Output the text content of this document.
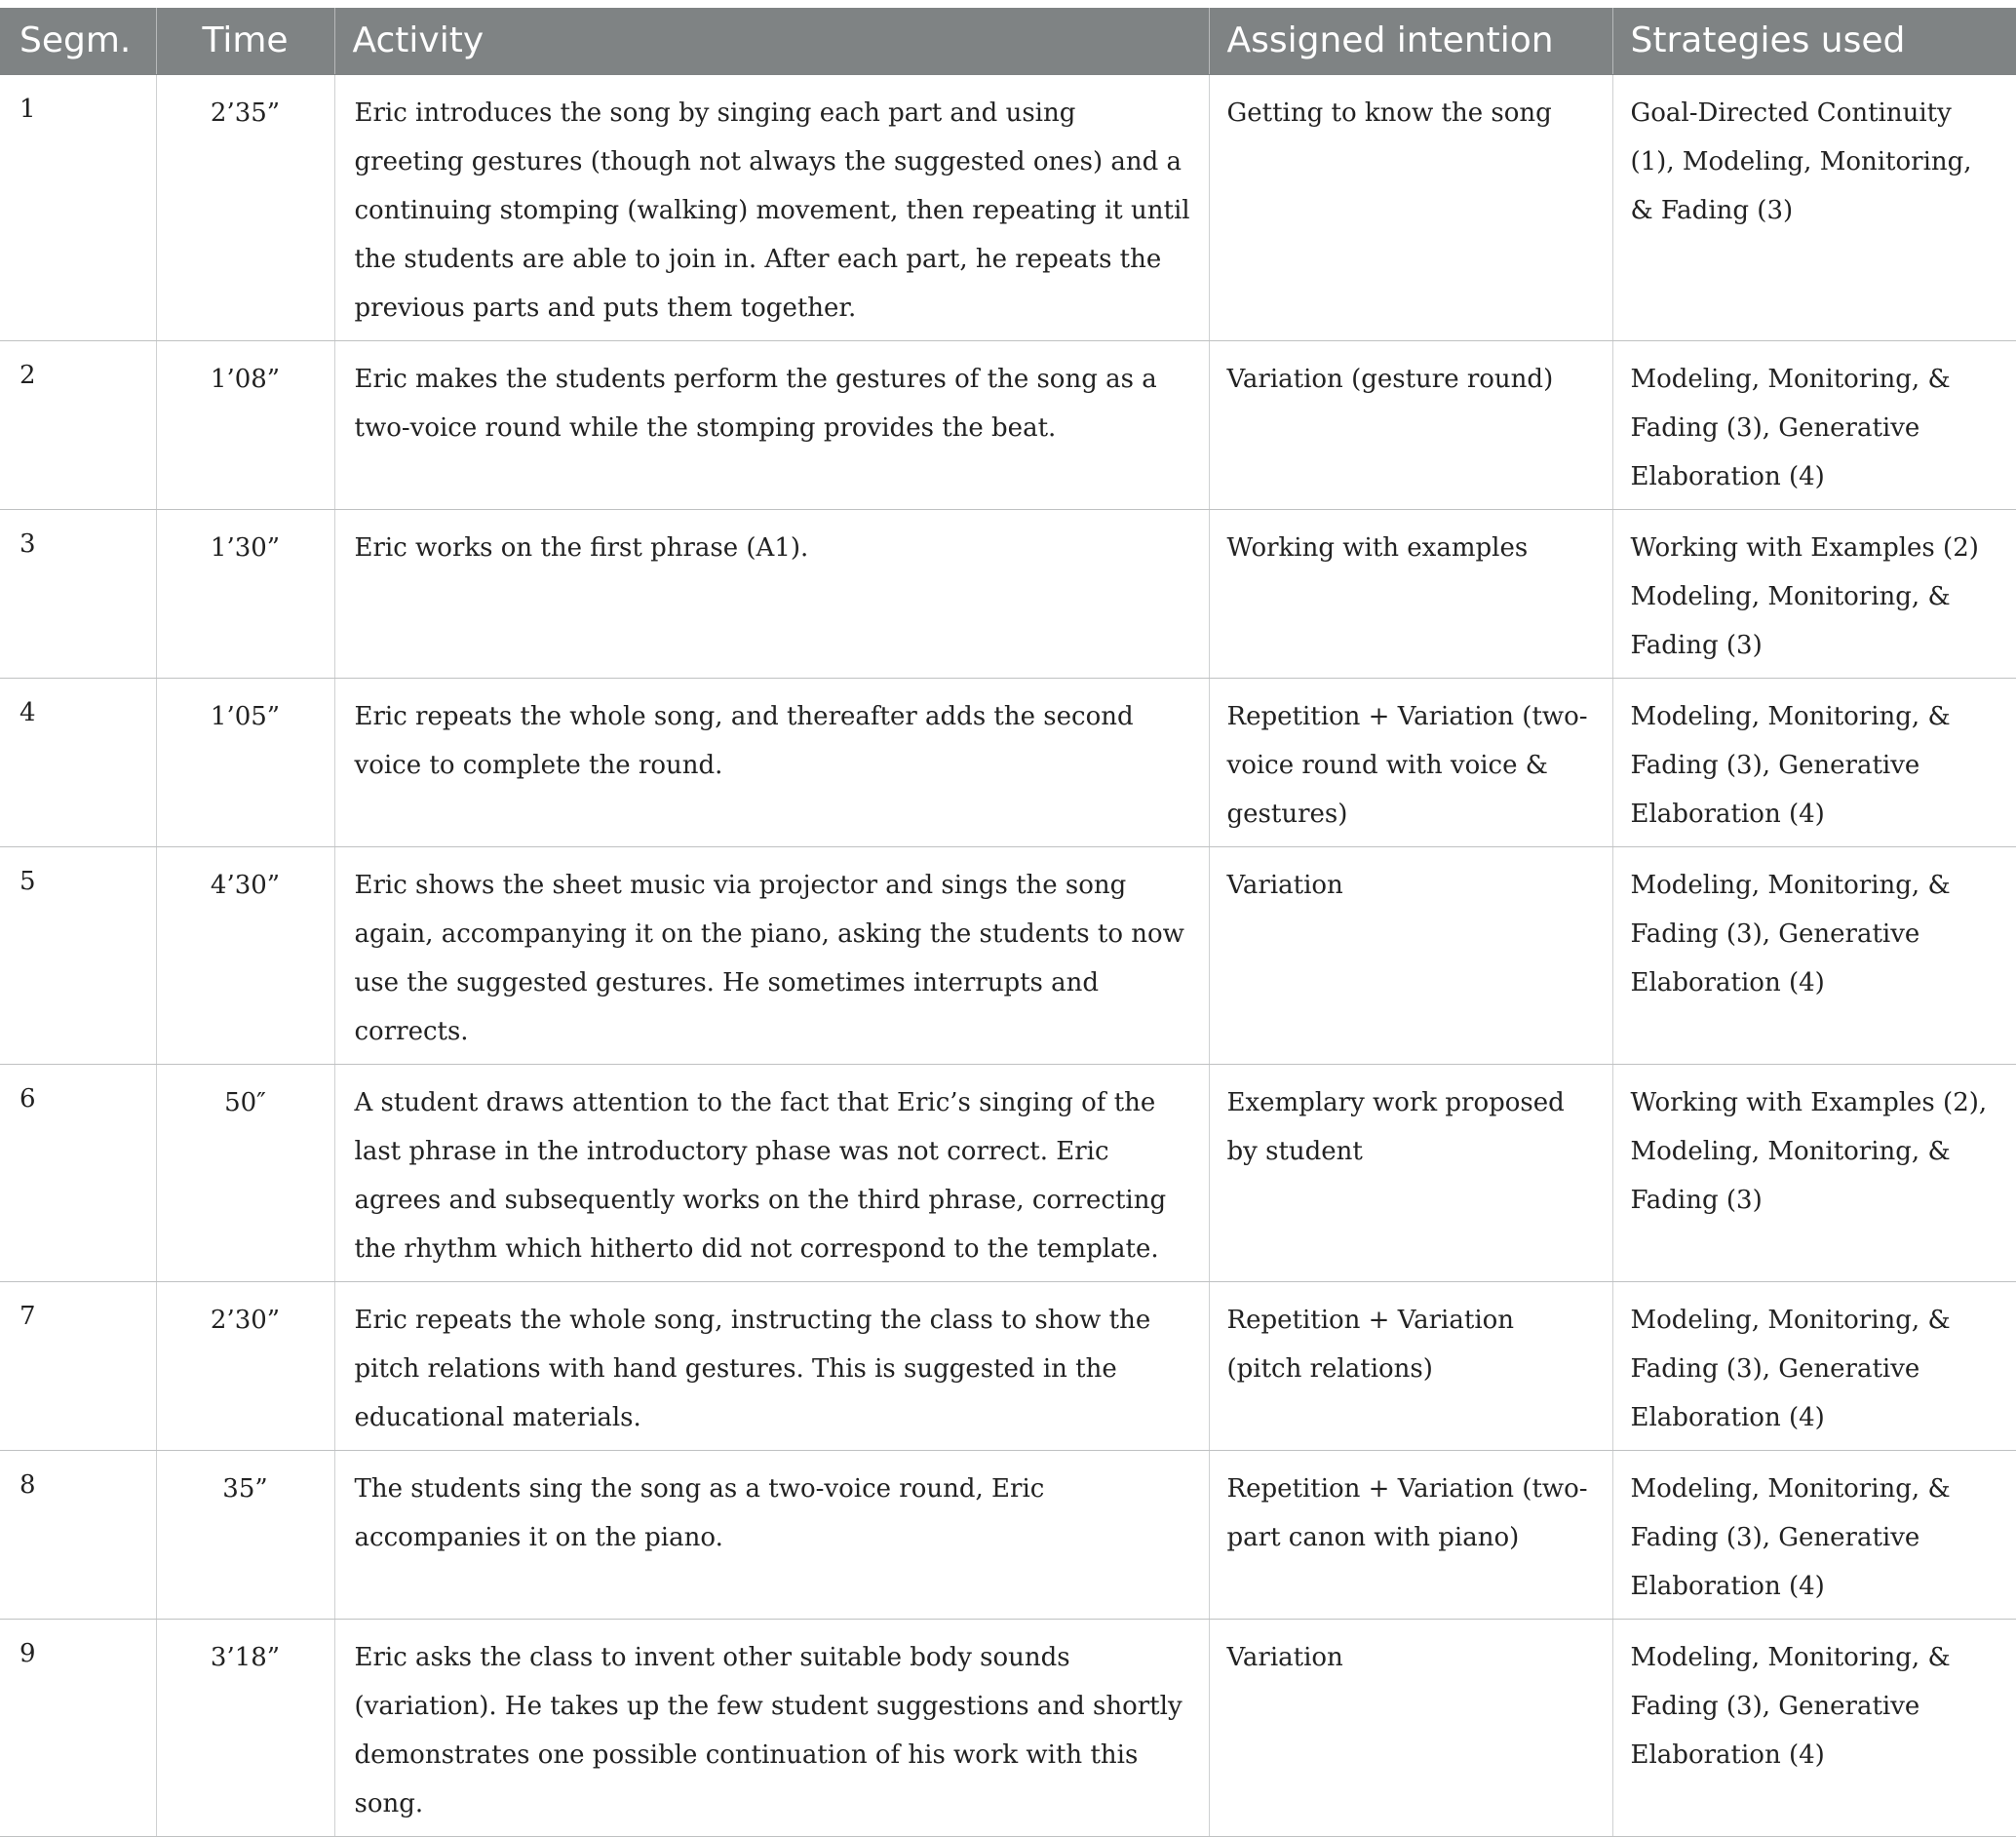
Segm.	Time	Activity	Assigned intention	Strategies used
1	2’35”	Eric introduces the song by singing each part and using greeting gestures (though not always the suggested ones) and a continuing stomping (walking) movement, then repeating it until the students are able to join in. After each part, he repeats the previous parts and puts them together.	Getting to know the song	Goal-Directed Continuity (1), Modeling, Monitoring, & Fading (3)
2	1’08”	Eric makes the students perform the gestures of the song as a two-voice round while the stomping provides the beat.	Variation (gesture round)	Modeling, Monitoring, & Fading (3), Generative Elaboration (4)
3	1’30”	Eric works on the first phrase (A1).	Working with examples	Working with Examples (2) Modeling, Monitoring, & Fading (3)
4	1’05”	Eric repeats the whole song, and thereafter adds the second voice to complete the round.	Repetition + Variation (two-voice round with voice & gestures)	Modeling, Monitoring, & Fading (3), Generative Elaboration (4)
5	4’30”	Eric shows the sheet music via projector and sings the song again, accompanying it on the piano, asking the students to now use the suggested gestures. He sometimes interrupts and corrects.	Variation	Modeling, Monitoring, & Fading (3), Generative Elaboration (4)
6	50″	A student draws attention to the fact that Eric’s singing of the last phrase in the introductory phase was not correct. Eric agrees and subsequently works on the third phrase, correcting the rhythm which hitherto did not correspond to the template.	Exemplary work proposed by student	Working with Examples (2), Modeling, Monitoring, & Fading (3)
7	2’30”	Eric repeats the whole song, instructing the class to show the pitch relations with hand gestures. This is suggested in the educational materials.	Repetition + Variation (pitch relations)	Modeling, Monitoring, & Fading (3), Generative Elaboration (4)
8	35”	The students sing the song as a two-voice round, Eric accompanies it on the piano.	Repetition + Variation (two-part canon with piano)	Modeling, Monitoring, & Fading (3), Generative Elaboration (4)
9	3’18”	Eric asks the class to invent other suitable body sounds (variation). He takes up the few student suggestions and shortly demonstrates one possible continuation of his work with this song.	Variation	Modeling, Monitoring, & Fading (3), Generative Elaboration (4)
